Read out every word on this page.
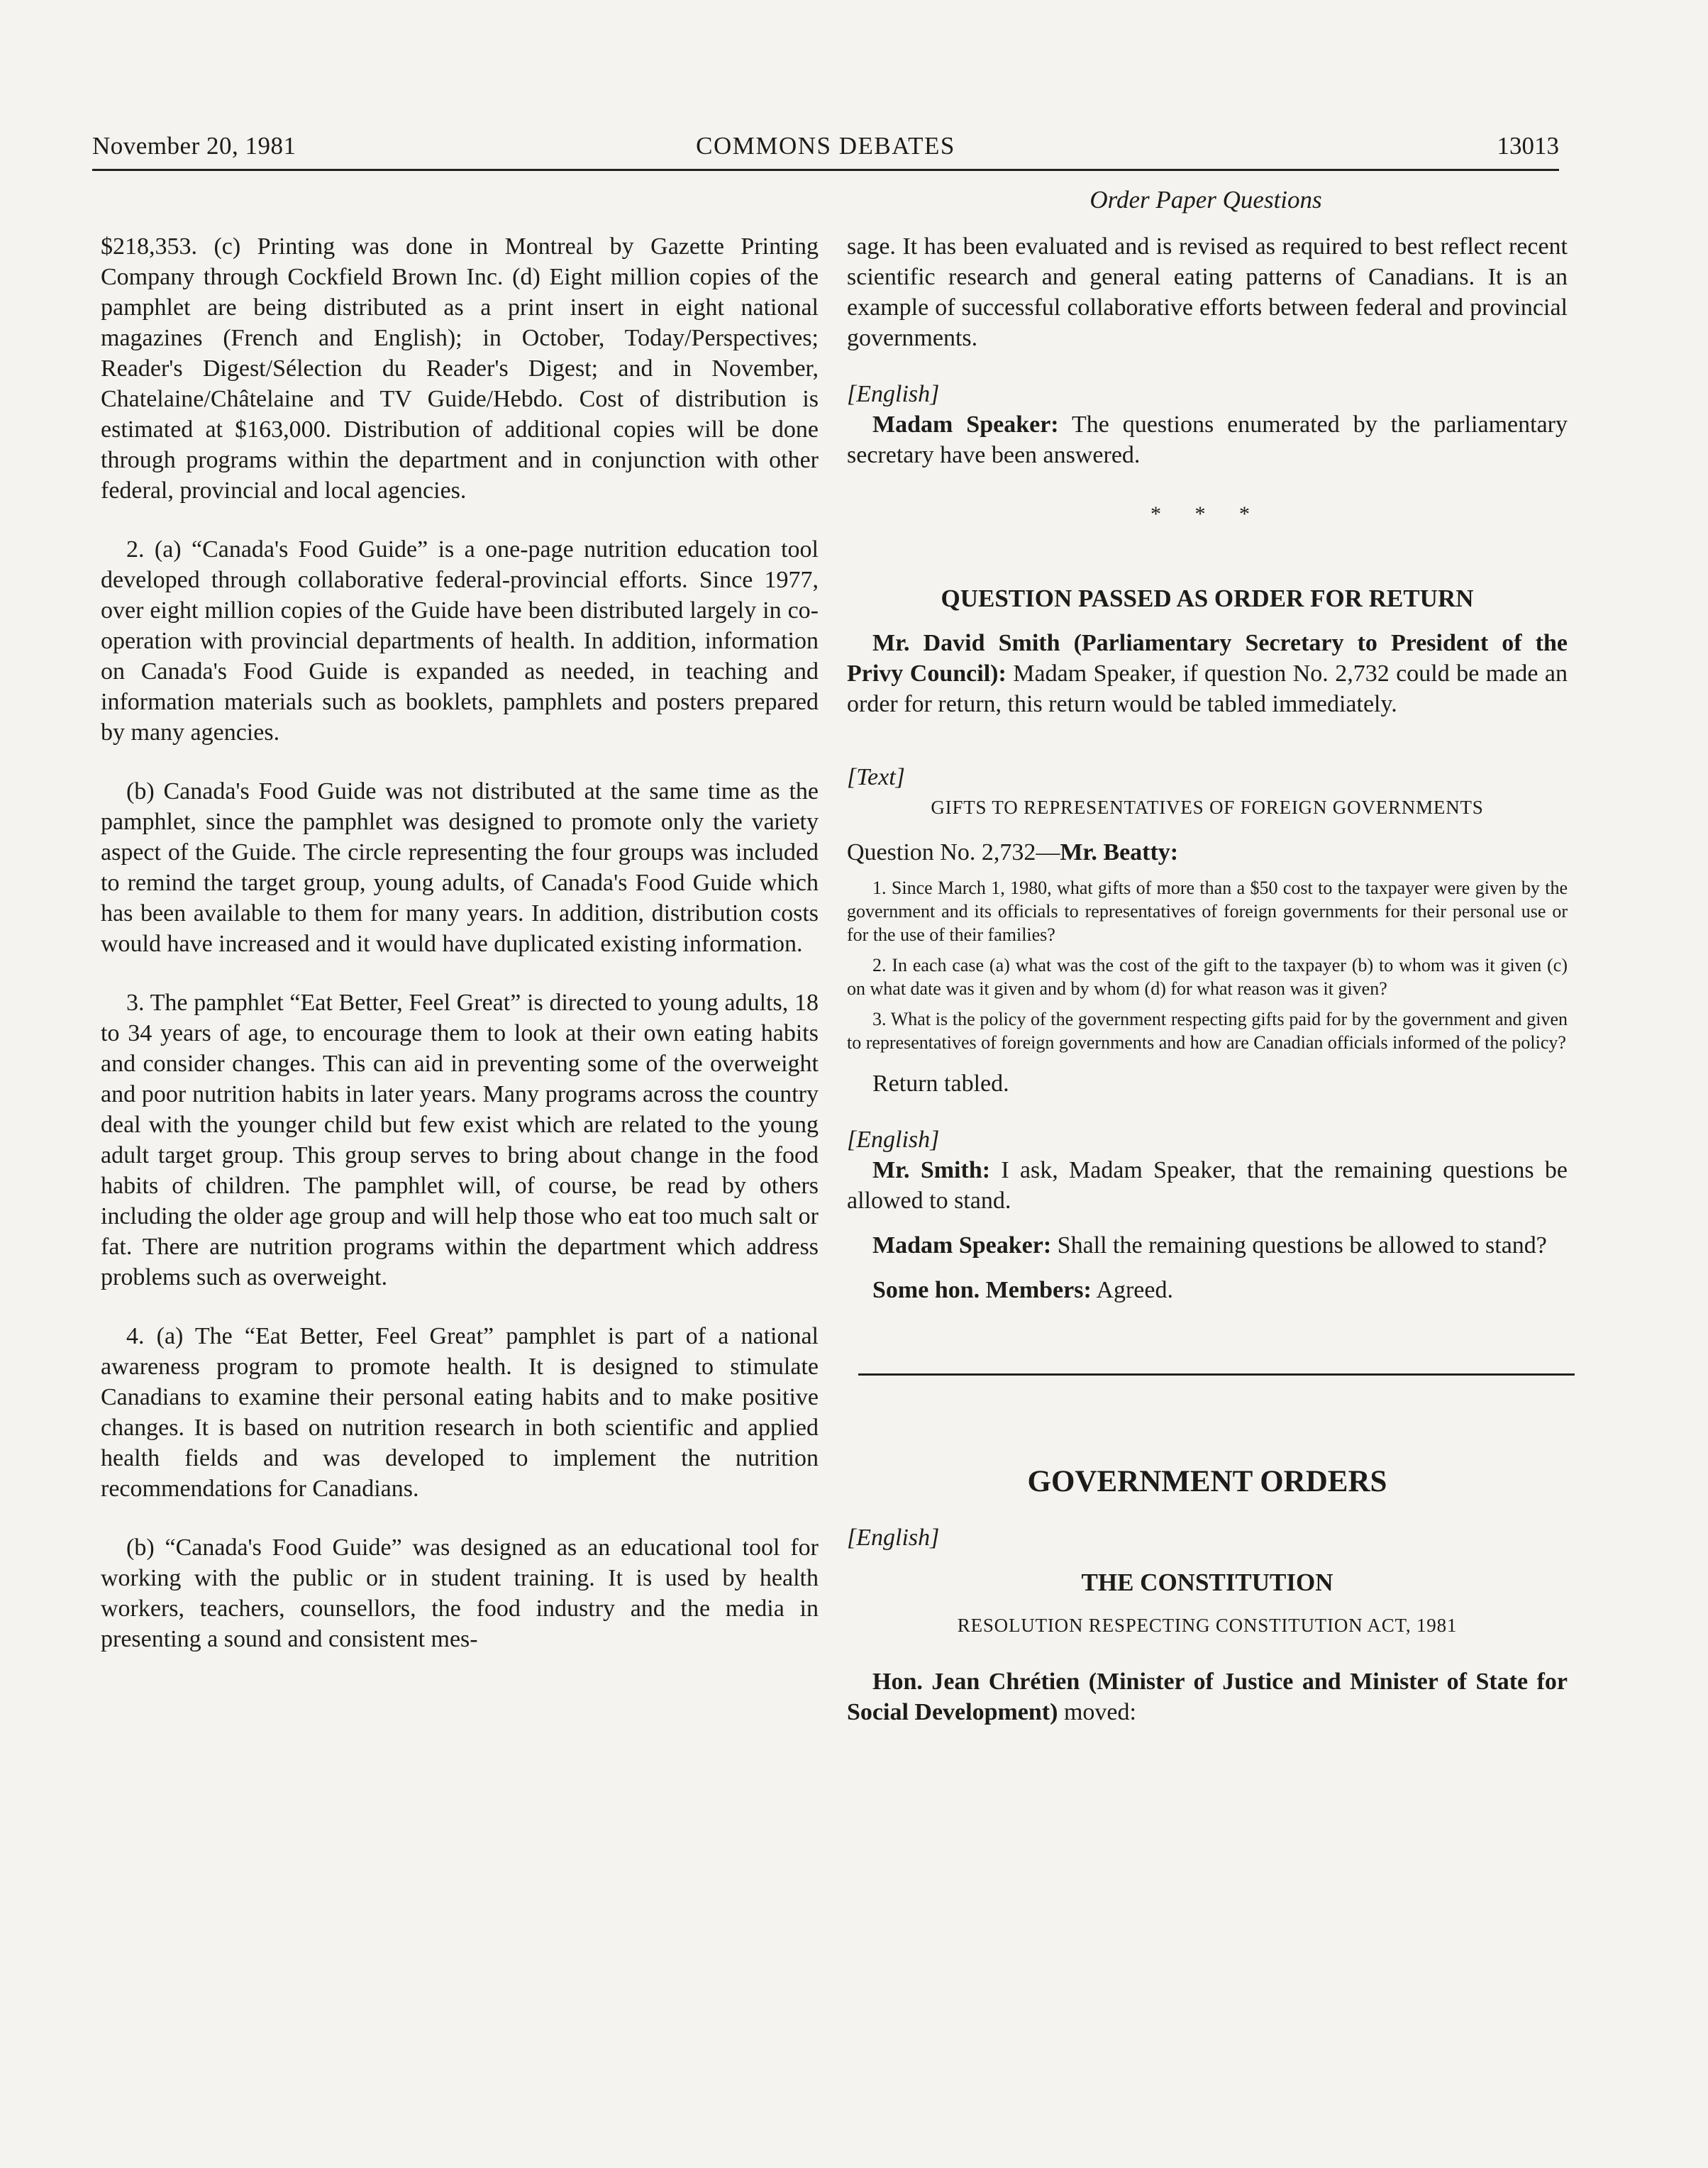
November 20, 1981	COMMONS DEBATES	13013
Order Paper Questions

$218,353. (c) Printing was done in Montreal by Gazette Printing Company through Cockfield Brown Inc. (d) Eight million copies of the pamphlet are being distributed as a print insert in eight national magazines (French and English); in October, Today/Perspectives; Reader's Digest/Sélection du Reader's Digest; and in November, Chatelaine/Châtelaine and TV Guide/Hebdo. Cost of distribution is estimated at $163,000. Distribution of additional copies will be done through programs within the department and in conjunction with other federal, provincial and local agencies.

2. (a) “Canada's Food Guide” is a one-page nutrition education tool developed through collaborative federal-provincial efforts. Since 1977, over eight million copies of the Guide have been distributed largely in co-operation with provincial departments of health. In addition, information on Canada's Food Guide is expanded as needed, in teaching and information materials such as booklets, pamphlets and posters prepared by many agencies.

(b) Canada's Food Guide was not distributed at the same time as the pamphlet, since the pamphlet was designed to promote only the variety aspect of the Guide. The circle representing the four groups was included to remind the target group, young adults, of Canada's Food Guide which has been available to them for many years. In addition, distribution costs would have increased and it would have duplicated existing information.

3. The pamphlet “Eat Better, Feel Great” is directed to young adults, 18 to 34 years of age, to encourage them to look at their own eating habits and consider changes. This can aid in preventing some of the overweight and poor nutrition habits in later years. Many programs across the country deal with the younger child but few exist which are related to the young adult target group. This group serves to bring about change in the food habits of children. The pamphlet will, of course, be read by others including the older age group and will help those who eat too much salt or fat. There are nutrition programs within the department which address problems such as overweight.

4. (a) The “Eat Better, Feel Great” pamphlet is part of a national awareness program to promote health. It is designed to stimulate Canadians to examine their personal eating habits and to make positive changes. It is based on nutrition research in both scientific and applied health fields and was developed to implement the nutrition recommendations for Canadians.

(b) “Canada's Food Guide” was designed as an educational tool for working with the public or in student training. It is used by health workers, teachers, counsellors, the food industry and the media in presenting a sound and consistent mes-

sage. It has been evaluated and is revised as required to best reflect recent scientific research and general eating patterns of Canadians. It is an example of successful collaborative efforts between federal and provincial governments.

[English]

Madam Speaker: The questions enumerated by the parliamentary secretary have been answered.

* * *

QUESTION PASSED AS ORDER FOR RETURN

Mr. David Smith (Parliamentary Secretary to President of the Privy Council): Madam Speaker, if question No. 2,732 could be made an order for return, this return would be tabled immediately.

[Text]

GIFTS TO REPRESENTATIVES OF FOREIGN GOVERNMENTS

Question No. 2,732—Mr. Beatty:

1. Since March 1, 1980, what gifts of more than a $50 cost to the taxpayer were given by the government and its officials to representatives of foreign governments for their personal use or for the use of their families?

2. In each case (a) what was the cost of the gift to the taxpayer (b) to whom was it given (c) on what date was it given and by whom (d) for what reason was it given?

3. What is the policy of the government respecting gifts paid for by the government and given to representatives of foreign governments and how are Canadian officials informed of the policy?

Return tabled.

[English]

Mr. Smith: I ask, Madam Speaker, that the remaining questions be allowed to stand.

Madam Speaker: Shall the remaining questions be allowed to stand?

Some hon. Members: Agreed.

GOVERNMENT ORDERS

[English]

THE CONSTITUTION

RESOLUTION RESPECTING CONSTITUTION ACT, 1981

Hon. Jean Chrétien (Minister of Justice and Minister of State for Social Development) moved:
